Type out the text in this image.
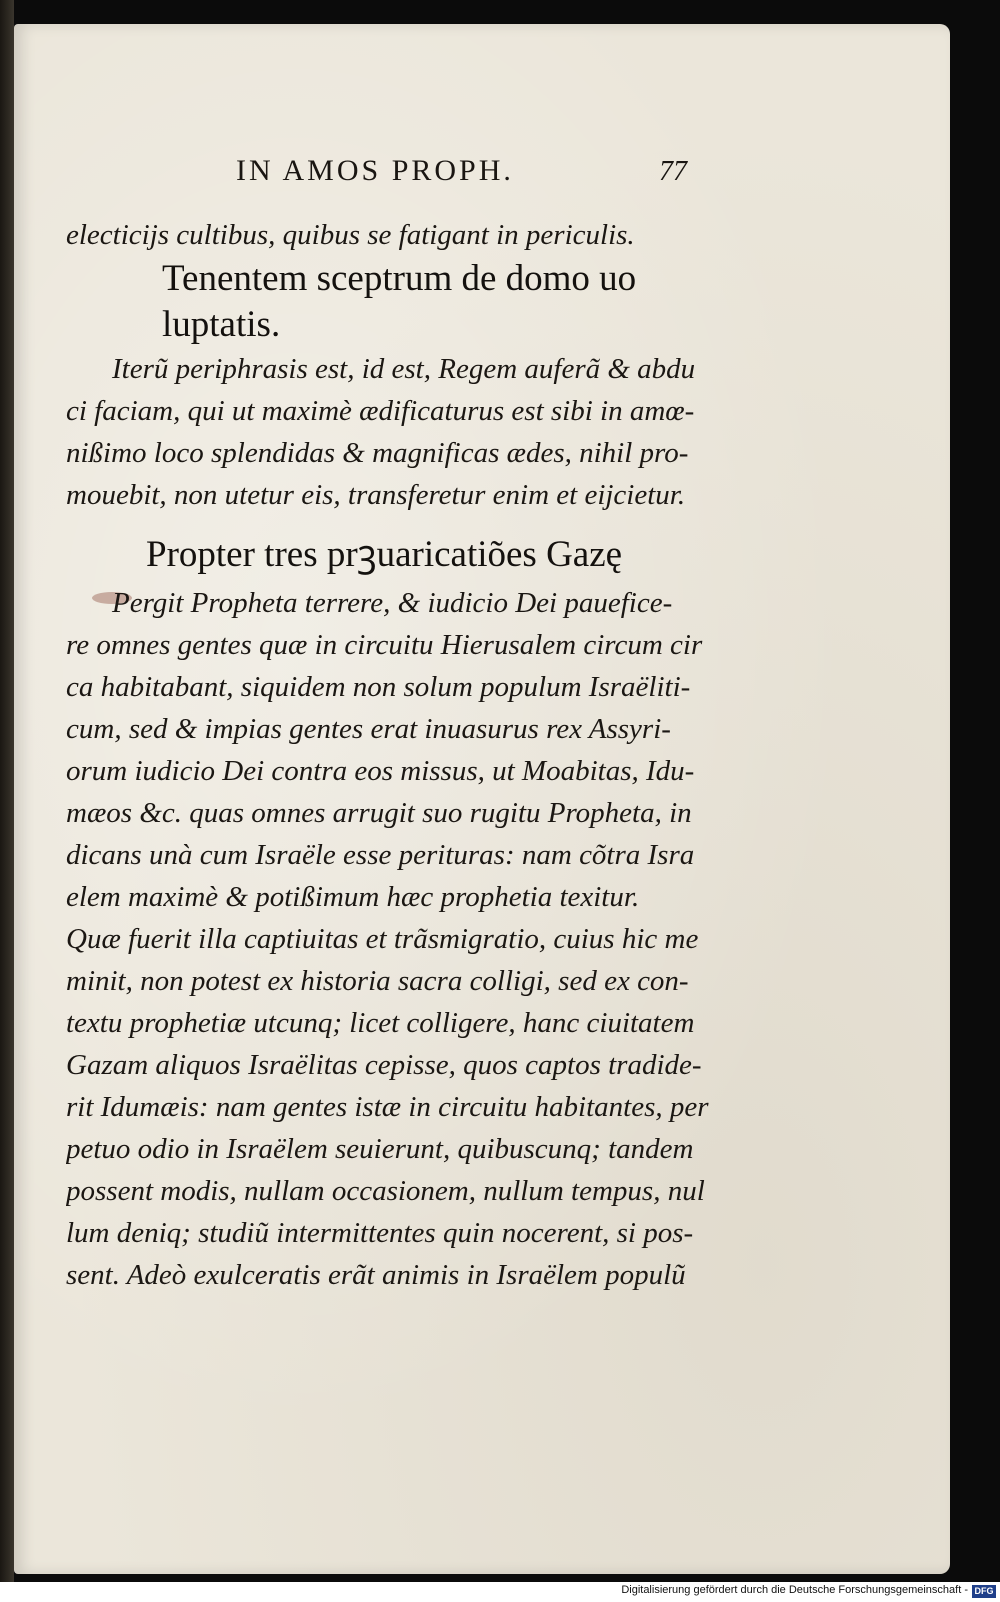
IN AMOS PROPH.	77
electicijs cultibus, quibus se fatigant in periculis.
Tenentem sceptrum de domo uo
luptatis.
Iterũ periphrasis est, id est, Regem auferã & abdu
ci faciam, qui ut maximè ædificaturus est sibi in amœ-
nißimo loco splendidas & magnificas ædes, nihil pro-
mouebit, non utetur eis, transferetur enim et eijcietur.
Propter tres prꝫuaricatiões Gazę
Pergit Propheta terrere, & iudicio Dei pauefice-
re omnes gentes quæ in circuitu Hierusalem circum cir
ca habitabant, siquidem non solum populum Israëliti-
cum, sed & impias gentes erat inuasurus rex Assyri-
orum iudicio Dei contra eos missus, ut Moabitas, Idu-
mæos &c. quas omnes arrugit suo rugitu Propheta, in
dicans unà cum Israële esse perituras: nam cõtra Isra
elem maximè & potißimum hæc prophetia texitur.
Quæ fuerit illa captiuitas et trãsmigratio, cuius hic me
minit, non potest ex historia sacra colligi, sed ex con-
textu prophetiæ utcunq; licet colligere, hanc ciuitatem
Gazam aliquos Israëlitas cepisse, quos captos tradide-
rit Idumæis: nam gentes istæ in circuitu habitantes, per
petuo odio in Israëlem seuierunt, quibuscunq; tandem
possent modis, nullam occasionem, nullum tempus, nul
lum deniq; studiũ intermittentes quin nocerent, si pos-
sent. Adeò exulceratis erãt animis in Israëlem populũ
Digitalisierung gefördert durch die Deutsche Forschungsgemeinschaft - DFG
